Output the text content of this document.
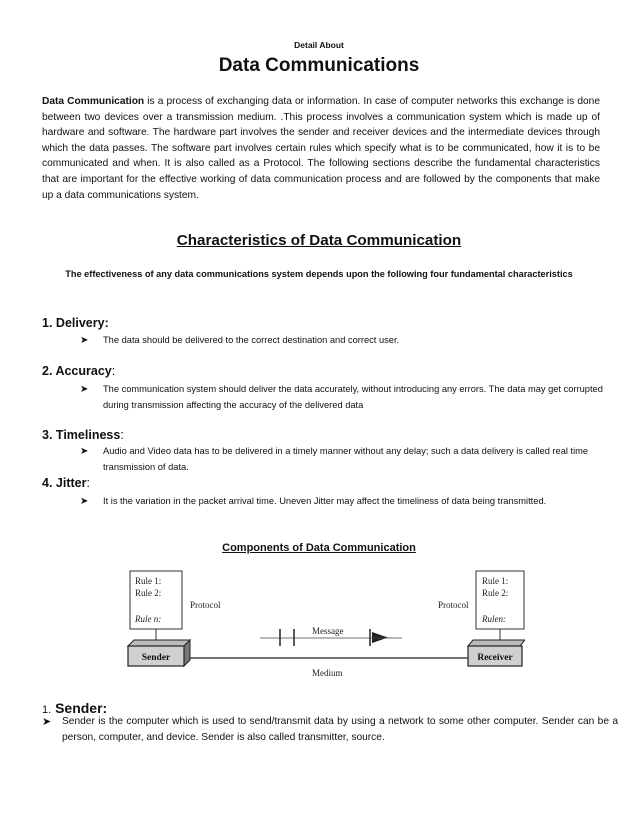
Detail About

Data Communications

Data Communication is a process of exchanging data or information. In case of computer networks this exchange is done between two devices over a transmission medium. .This process involves a communication system which is made up of hardware and software. The hardware part involves the sender and receiver devices and the intermediate devices through which the data passes. The software part involves certain rules which specify what is to be communicated, how it is to be communicated and when. It is also called as a Protocol. The following sections describe the fundamental characteristics that are important for the effective working of data communication process and are followed by the components that make up a data communications system.

Characteristics of Data Communication

The effectiveness of any data communications system depends upon the following four fundamental characteristics

1. Delivery:
➤ The data should be delivered to the correct destination and correct user.
2. Accuracy:
➤ The communication system should deliver the data accurately, without introducing any errors. The data may get corrupted during transmission affecting the accuracy of the delivered data
3. Timeliness:
➤ Audio and Video data has to be delivered in a timely manner without any delay; such a data delivery is called real time transmission of data.
4. Jitter:
➤ It is the variation in the packet arrival time. Uneven Jitter may affect the timeliness of data being transmitted.
Components of Data Communication
Rule 1:
Rule 2:
Rule n:
Protocol
Rule 1:
Rule 2:
Rulen:
Protocol
Message
Sender	Receiver
Medium
1. Sender:
➤ Sender is the computer which is used to send/transmit data by using a network to some other computer. Sender can be a person, computer, and device. Sender is also called transmitter, source.
